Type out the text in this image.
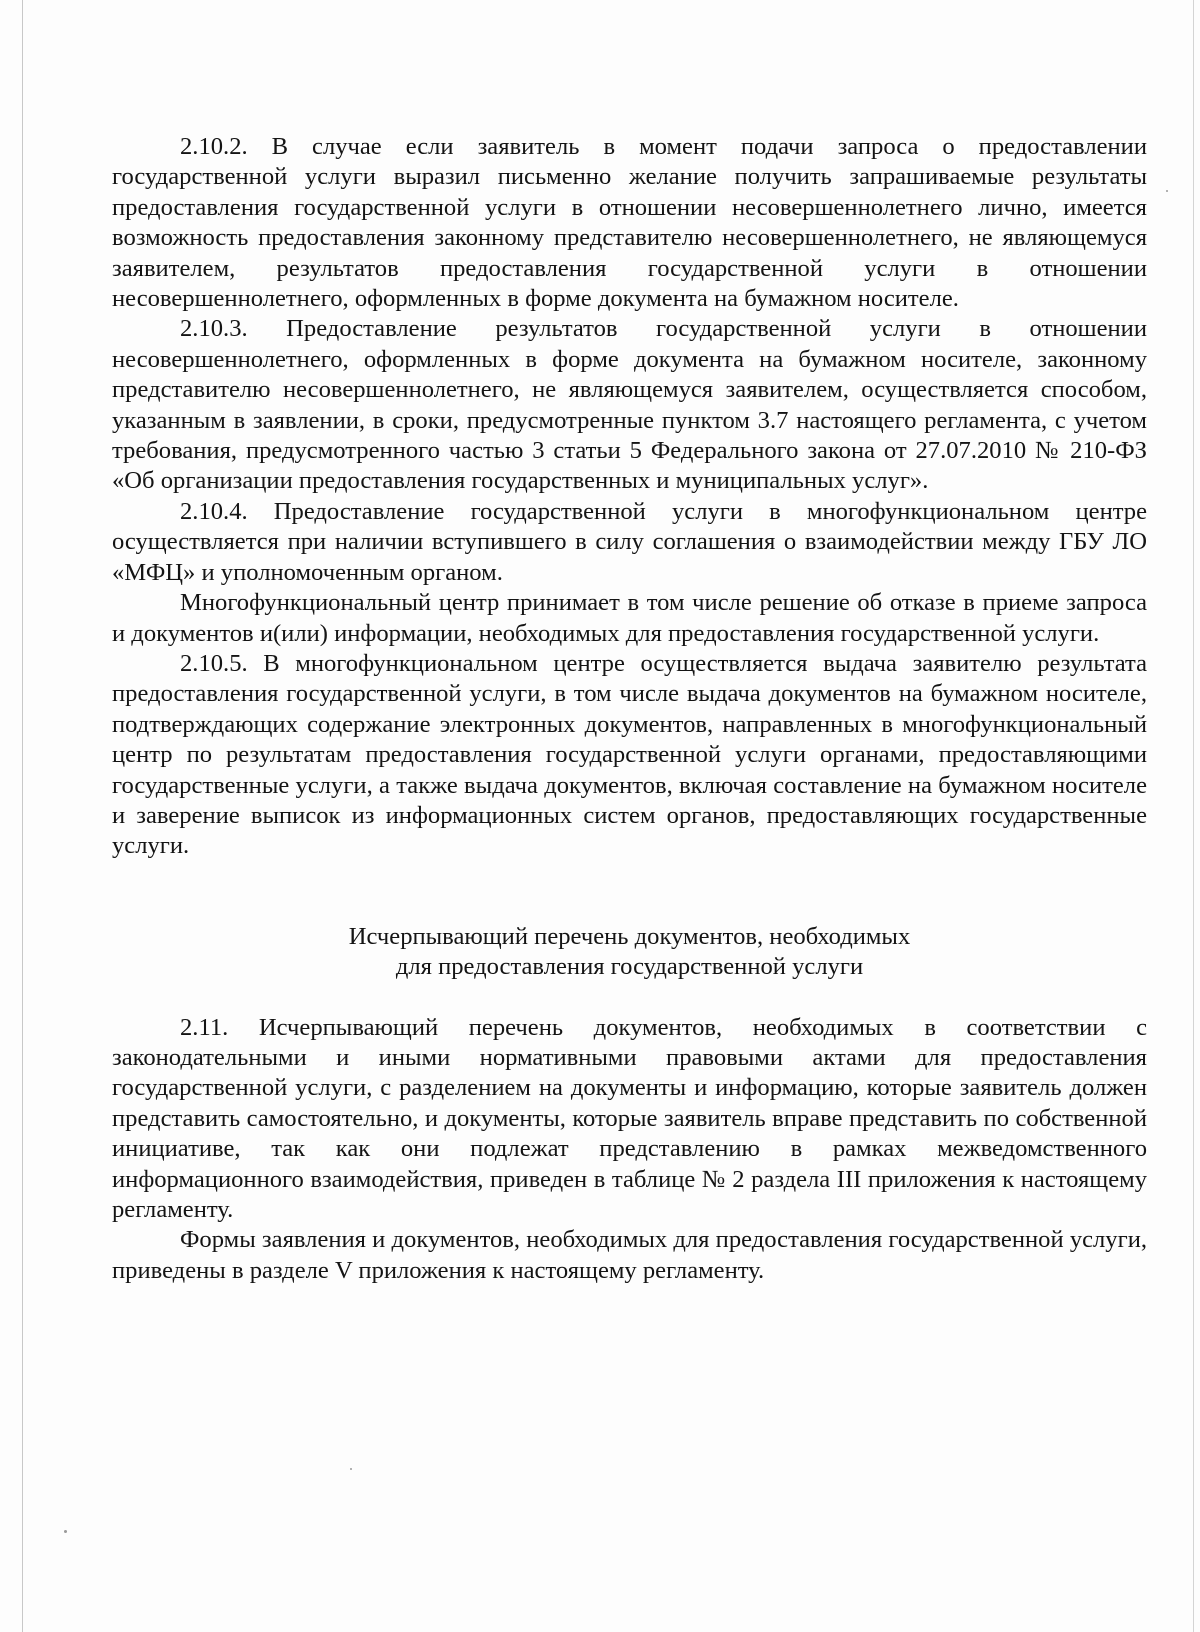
2.10.2. В случае если заявитель в момент подачи запроса о предоставлении государственной услуги выразил письменно желание получить запрашиваемые результаты предоставления государственной услуги в отношении несовершеннолетнего лично, имеется возможность предоставления законному представителю несовершеннолетнего, не являющемуся заявителем, результатов предоставления государственной услуги в отношении несовершеннолетнего, оформленных в форме документа на бумажном носителе.

2.10.3. Предоставление результатов государственной услуги в отношении несовершеннолетнего, оформленных в форме документа на бумажном носителе, законному представителю несовершеннолетнего, не являющемуся заявителем, осуществляется способом, указанным в заявлении, в сроки, предусмотренные пунктом 3.7 настоящего регламента, с учетом требования, предусмотренного частью 3 статьи 5 Федерального закона от 27.07.2010 № 210-ФЗ «Об организации предоставления государственных и муниципальных услуг».

2.10.4. Предоставление государственной услуги в многофункциональном центре осуществляется при наличии вступившего в силу соглашения о взаимодействии между ГБУ ЛО «МФЦ» и уполномоченным органом.

Многофункциональный центр принимает в том числе решение об отказе в приеме запроса и документов и(или) информации, необходимых для предоставления государственной услуги.

2.10.5. В многофункциональном центре осуществляется выдача заявителю результата предоставления государственной услуги, в том числе выдача документов на бумажном носителе, подтверждающих содержание электронных документов, направленных в многофункциональный центр по результатам предоставления государственной услуги органами, предоставляющими государственные услуги, а также выдача документов, включая составление на бумажном носителе и заверение выписок из информационных систем органов, предоставляющих государственные услуги.

Исчерпывающий перечень документов, необходимых
для предоставления государственной услуги

2.11. Исчерпывающий перечень документов, необходимых в соответствии с законодательными и иными нормативными правовыми актами для предоставления государственной услуги, с разделением на документы и информацию, которые заявитель должен представить самостоятельно, и документы, которые заявитель вправе представить по собственной инициативе, так как они подлежат представлению в рамках межведомственного информационного взаимодействия, приведен в таблице № 2 раздела III приложения к настоящему регламенту.

Формы заявления и документов, необходимых для предоставления государственной услуги, приведены в разделе V приложения к настоящему регламенту.
